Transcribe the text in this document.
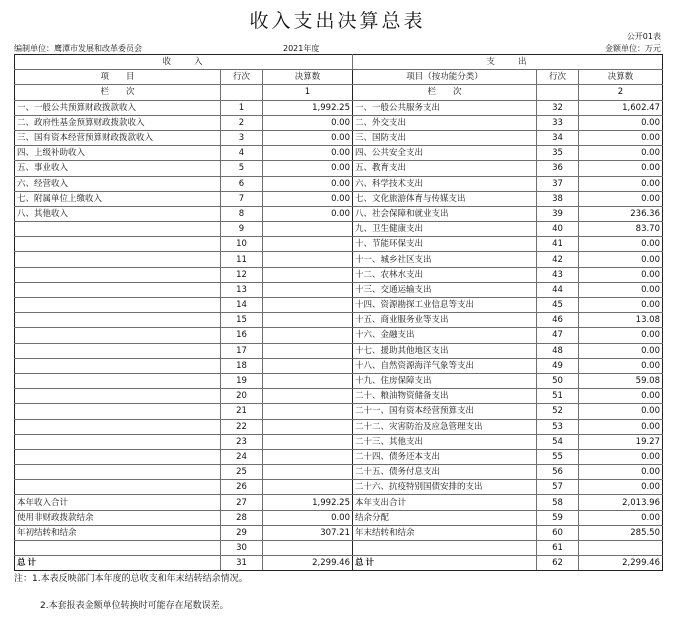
收入支出决算总表
公开01表
编制单位：鹰潭市发展和改革委员会	2021年度	金额单位：万元
收　　入			支　　出		
项　　目	行次	决算数	项目（按功能分类）	行次	决算数
栏　　次		1	栏　　次		2
一、一般公共预算财政拨款收入	1	1,992.25	一、一般公共服务支出	32	1,602.47
二、政府性基金预算财政拨款收入	2	0.00	二、外交支出	33	0.00
三、国有资本经营预算财政拨款收入	3	0.00	三、国防支出	34	0.00
四、上级补助收入	4	0.00	四、公共安全支出	35	0.00
五、事业收入	5	0.00	五、教育支出	36	0.00
六、经营收入	6	0.00	六、科学技术支出	37	0.00
七、附属单位上缴收入	7	0.00	七、文化旅游体育与传媒支出	38	0.00
八、其他收入	8	0.00	八、社会保障和就业支出	39	236.36
	9		九、卫生健康支出	40	83.70
	10		十、节能环保支出	41	0.00
	11		十一、城乡社区支出	42	0.00
	12		十二、农林水支出	43	0.00
	13		十三、交通运输支出	44	0.00
	14		十四、资源勘探工业信息等支出	45	0.00
	15		十五、商业服务业等支出	46	13.08
	16		十六、金融支出	47	0.00
	17		十七、援助其他地区支出	48	0.00
	18		十八、自然资源海洋气象等支出	49	0.00
	19		十九、住房保障支出	50	59.08
	20		二十、粮油物资储备支出	51	0.00
	21		二十一、国有资本经营预算支出	52	0.00
	22		二十二、灾害防治及应急管理支出	53	0.00
	23		二十三、其他支出	54	19.27
	24		二十四、债务还本支出	55	0.00
	25		二十五、债务付息支出	56	0.00
	26		二十六、抗疫特别国债安排的支出	57	0.00
本年收入合计	27	1,992.25	本年支出合计	58	2,013.96
使用非财政拨款结余	28	0.00	结余分配	59	0.00
年初结转和结余	29	307.21	年末结转和结余	60	285.50
	30			61	
总计	31	2,299.46	总计	62	2,299.46
注：1.本表反映部门本年度的总收支和年末结转结余情况。
2.本套报表金额单位转换时可能存在尾数误差。
